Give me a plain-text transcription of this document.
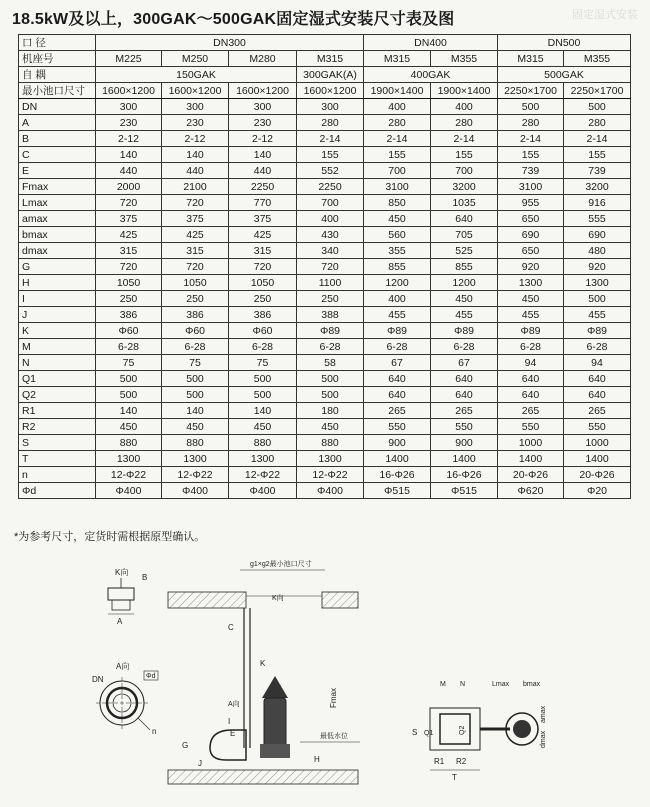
18.5kW及以上，300GAK～500GAK固定湿式安装尺寸表及图	固定湿式安装
口 径	DN300				DN400		DN500	
机座号	M225	M250	M280	M315	M315	M355	M315	M355
自 耦	150GAK			300GAK(A)	400GAK		500GAK	
最小池口尺寸	1600×1200	1600×1200	1600×1200	1600×1200	1900×1400	1900×1400	2250×1700	2250×1700
DN	300	300	300	300	400	400	500	500
A	230	230	230	280	280	280	280	280
B	2-12	2-12	2-12	2-14	2-14	2-14	2-14	2-14
C	140	140	140	155	155	155	155	155
E	440	440	440	552	700	700	739	739
Fmax	2000	2100	2250	2250	3100	3200	3100	3200
Lmax	720	720	770	700	850	1035	955	916
amax	375	375	375	400	450	640	650	555
bmax	425	425	425	430	560	705	690	690
dmax	315	315	315	340	355	525	650	480
G	720	720	720	720	855	855	920	920
H	1050	1050	1050	1100	1200	1200	1300	1300
I	250	250	250	250	400	450	450	500
J	386	386	386	388	455	455	455	455
K	Φ60	Φ60	Φ60	Φ89	Φ89	Φ89	Φ89	Φ89
M	6-28	6-28	6-28	6-28	6-28	6-28	6-28	6-28
N	75	75	75	58	67	67	94	94
Q1	500	500	500	500	640	640	640	640
Q2	500	500	500	500	640	640	640	640
R1	140	140	140	180	265	265	265	265
R2	450	450	450	450	550	550	550	550
S	880	880	880	880	900	900	1000	1000
T	1300	1300	1300	1300	1400	1400	1400	1400
n	12-Φ22	12-Φ22	12-Φ22	12-Φ22	16-Φ26	16-Φ26	20-Φ26	20-Φ26
Φd	Φ400	Φ400	Φ400	Φ400	Φ515	Φ515	Φ620	Φ20
*为参考尺寸，定货时需根据原型确认。
K向
B
A
A向
DN	Φd
n
g1×g2最小池口尺寸
K向
C
K
A向
I
E
G
J
最低水位
H
Fmax
M N	Lmax bmax
amax
dmax
S Q1	Q2
R1 R2
T
